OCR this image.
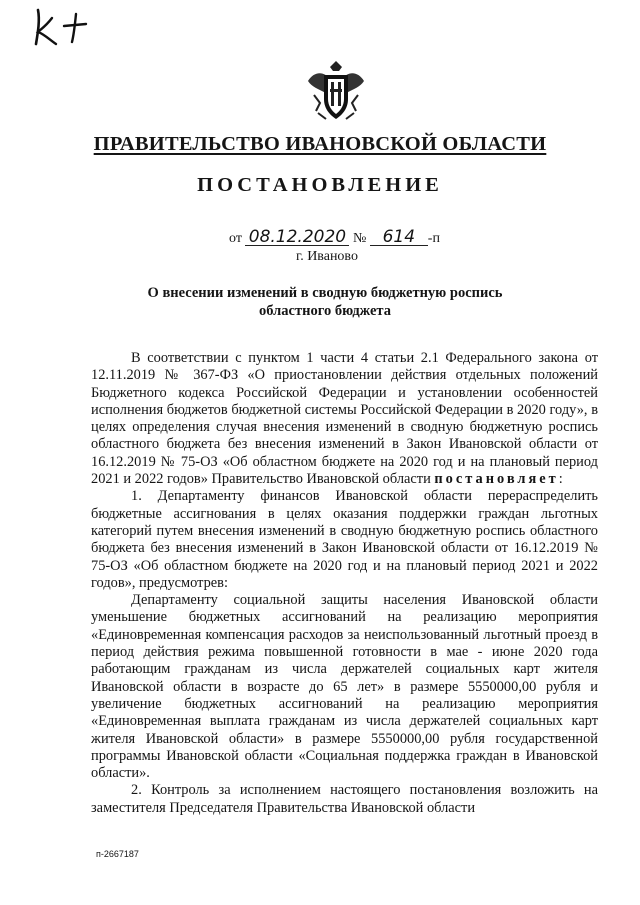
ПРАВИТЕЛЬСТВО ИВАНОВСКОЙ ОБЛАСТИ
ПОСТАНОВЛЕНИЕ
от 08.12.2020 № 614 -п
г. Иваново
О внесении изменений в сводную бюджетную роспись
областного бюджета

В соответствии с пунктом 1 части 4 статьи 2.1 Федерального закона от 12.11.2019 № 367-ФЗ «О приостановлении действия отдельных положений Бюджетного кодекса Российской Федерации и установлении особенностей исполнения бюджетов бюджетной системы Российской Федерации в 2020 году», в целях определения случая внесения изменений в сводную бюджетную роспись областного бюджета без внесения изменений в Закон Ивановской области от 16.12.2019 № 75-ОЗ «Об областном бюджете на 2020 год и на плановый период 2021 и 2022 годов» Правительство Ивановской области постановляет:

1. Департаменту финансов Ивановской области перераспределить бюджетные ассигнования в целях оказания поддержки граждан льготных категорий путем внесения изменений в сводную бюджетную роспись областного бюджета без внесения изменений в Закон Ивановской области от 16.12.2019 № 75-ОЗ «Об областном бюджете на 2020 год и на плановый период 2021 и 2022 годов», предусмотрев:

Департаменту социальной защиты населения Ивановской области уменьшение бюджетных ассигнований на реализацию мероприятия «Единовременная компенсация расходов за неиспользованный льготный проезд в период действия режима повышенной готовности в мае - июне 2020 года работающим гражданам из числа держателей социальных карт жителя Ивановской области в возрасте до 65 лет» в размере 5550000,00 рубля и увеличение бюджетных ассигнований на реализацию мероприятия «Единовременная выплата гражданам из числа держателей социальных карт жителя Ивановской области» в размере 5550000,00 рубля государственной программы Ивановской области «Социальная поддержка граждан в Ивановской области».

2. Контроль за исполнением настоящего постановления возложить на заместителя Председателя Правительства Ивановской области

п-2667187
